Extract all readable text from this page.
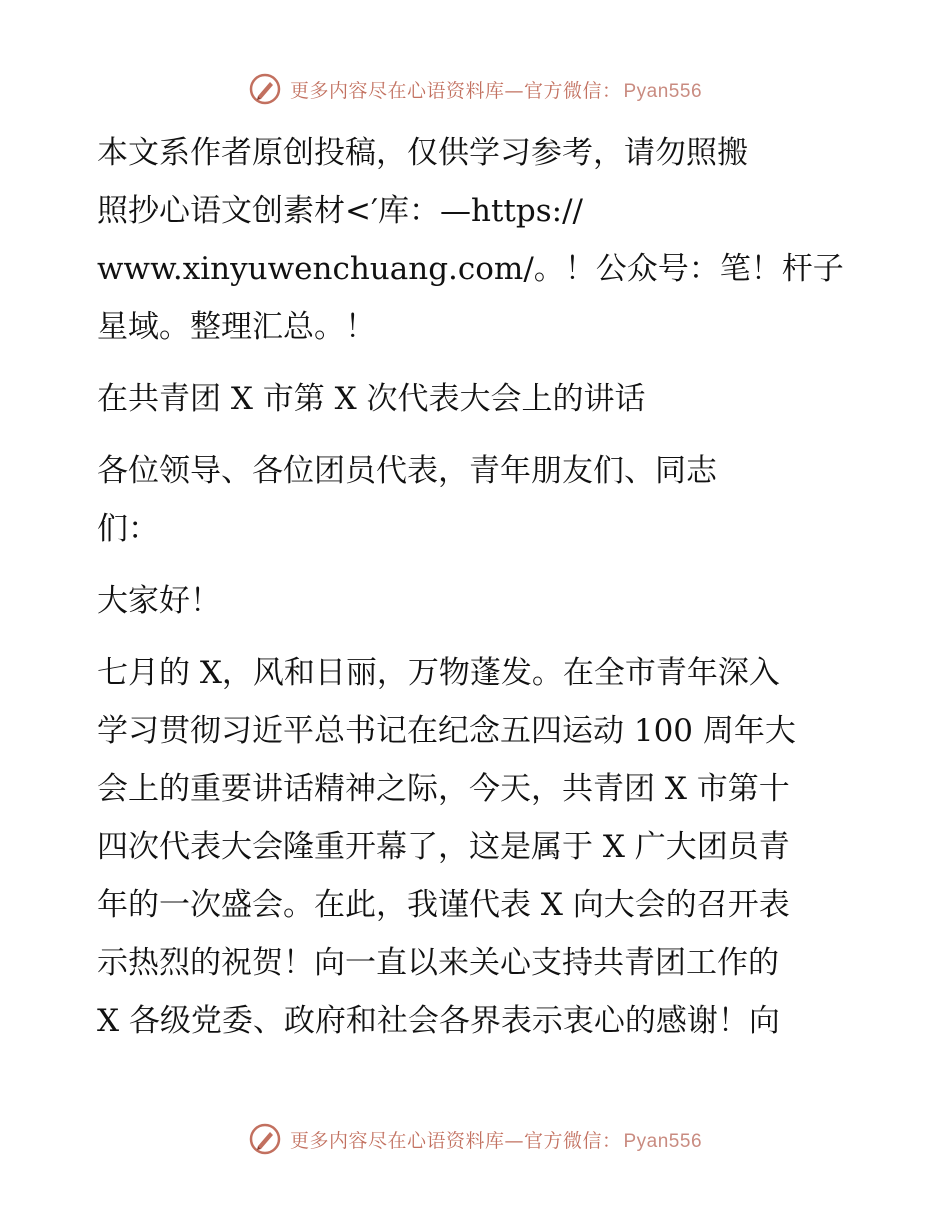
更多内容尽在心语资料库—官方微信： Pyan556

本文系作者原创投稿，仅供学习参考，请勿照搬

照抄心语文创素材<′库：—https://

www.xinyuwenchuang.com/。！公众号：笔！杆子

星域。整理汇总。！

在共青团 X 市第 X 次代表大会上的讲话

各位领导、各位团员代表，青年朋友们、同志

们：

大家好！

七月的 X，风和日丽，万物蓬发。在全市青年深入

学习贯彻习近平总书记在纪念五四运动 100 周年大

会上的重要讲话精神之际，今天，共青团 X 市第十

四次代表大会隆重开幕了，这是属于 X 广大团员青

年的一次盛会。在此，我谨代表 X 向大会的召开表

示热烈的祝贺！向一直以来关心支持共青团工作的

X 各级党委、政府和社会各界表示衷心的感谢！向

更多内容尽在心语资料库—官方微信： Pyan556
